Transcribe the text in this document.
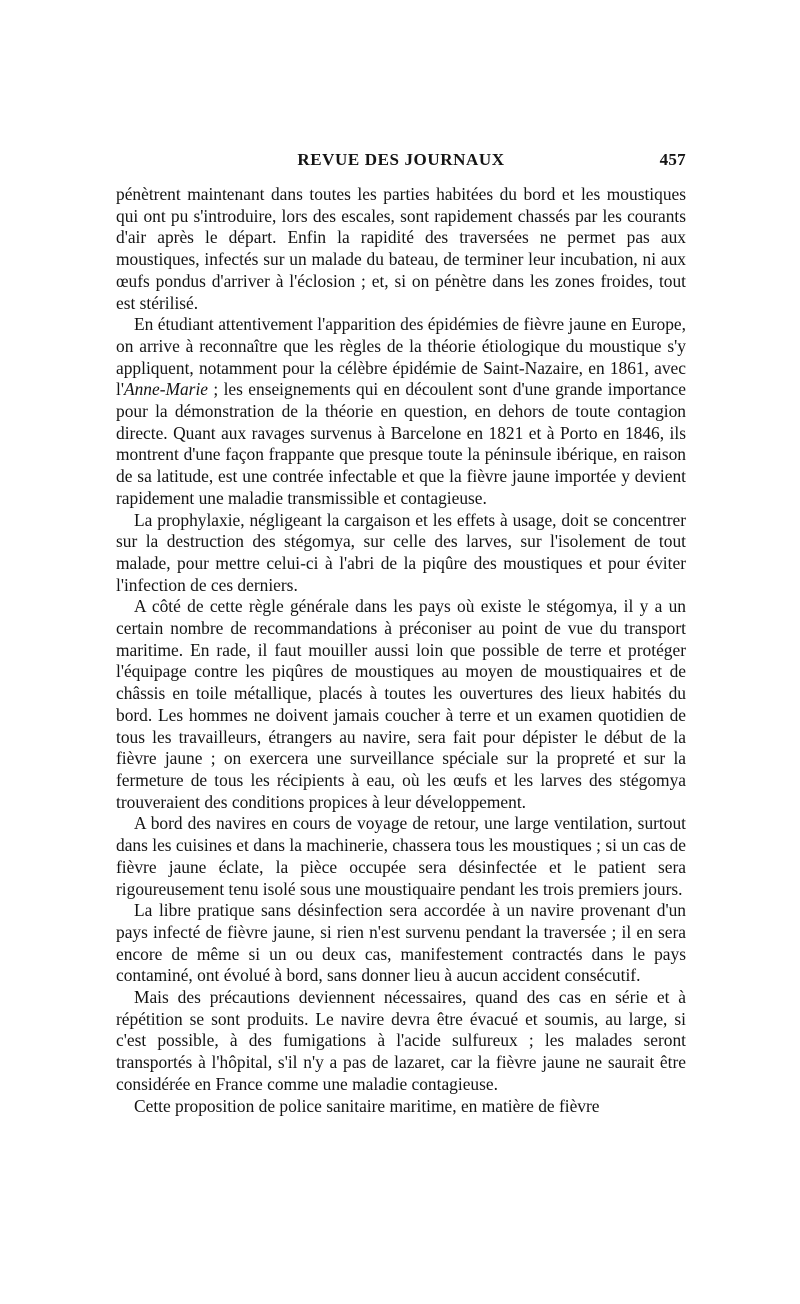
REVUE DES JOURNAUX	457

pénètrent maintenant dans toutes les parties habitées du bord et les moustiques qui ont pu s'introduire, lors des escales, sont rapidement chassés par les courants d'air après le départ. Enfin la rapidité des traversées ne permet pas aux moustiques, infectés sur un malade du bateau, de terminer leur incubation, ni aux œufs pondus d'arriver à l'éclosion ; et, si on pénètre dans les zones froides, tout est stérilisé.

En étudiant attentivement l'apparition des épidémies de fièvre jaune en Europe, on arrive à reconnaître que les règles de la théorie étiologique du moustique s'y appliquent, notamment pour la célèbre épidémie de Saint-Nazaire, en 1861, avec l'Anne-Marie ; les enseignements qui en découlent sont d'une grande importance pour la démonstration de la théorie en question, en dehors de toute contagion directe. Quant aux ravages survenus à Barcelone en 1821 et à Porto en 1846, ils montrent d'une façon frappante que presque toute la péninsule ibérique, en raison de sa latitude, est une contrée infectable et que la fièvre jaune importée y devient rapidement une maladie transmissible et contagieuse.

La prophylaxie, négligeant la cargaison et les effets à usage, doit se concentrer sur la destruction des stégomya, sur celle des larves, sur l'isolement de tout malade, pour mettre celui-ci à l'abri de la piqûre des moustiques et pour éviter l'infection de ces derniers.

A côté de cette règle générale dans les pays où existe le stégomya, il y a un certain nombre de recommandations à préconiser au point de vue du transport maritime. En rade, il faut mouiller aussi loin que possible de terre et protéger l'équipage contre les piqûres de moustiques au moyen de moustiquaires et de châssis en toile métallique, placés à toutes les ouvertures des lieux habités du bord. Les hommes ne doivent jamais coucher à terre et un examen quotidien de tous les travailleurs, étrangers au navire, sera fait pour dépister le début de la fièvre jaune ; on exercera une surveillance spéciale sur la propreté et sur la fermeture de tous les récipients à eau, où les œufs et les larves des stégomya trouveraient des conditions propices à leur développement.

A bord des navires en cours de voyage de retour, une large ventilation, surtout dans les cuisines et dans la machinerie, chassera tous les moustiques ; si un cas de fièvre jaune éclate, la pièce occupée sera désinfectée et le patient sera rigoureusement tenu isolé sous une moustiquaire pendant les trois premiers jours.

La libre pratique sans désinfection sera accordée à un navire provenant d'un pays infecté de fièvre jaune, si rien n'est survenu pendant la traversée ; il en sera encore de même si un ou deux cas, manifestement contractés dans le pays contaminé, ont évolué à bord, sans donner lieu à aucun accident consécutif.

Mais des précautions deviennent nécessaires, quand des cas en série et à répétition se sont produits. Le navire devra être évacué et soumis, au large, si c'est possible, à des fumigations à l'acide sulfureux ; les malades seront transportés à l'hôpital, s'il n'y a pas de lazaret, car la fièvre jaune ne saurait être considérée en France comme une maladie contagieuse.

Cette proposition de police sanitaire maritime, en matière de fièvre
